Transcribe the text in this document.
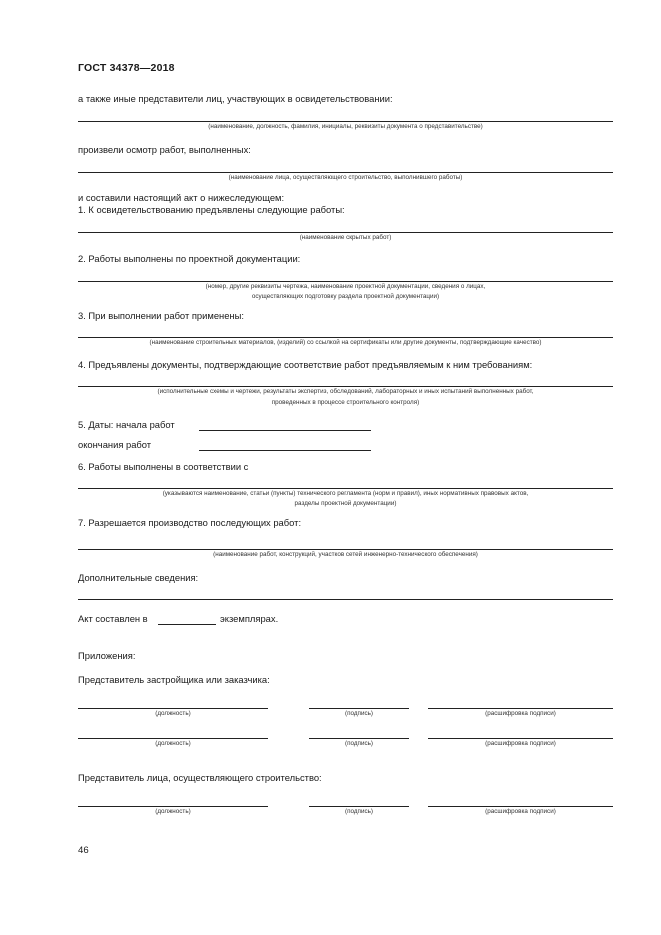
ГОСТ 34378—2018
а также иные представители лиц, участвующих в освидетельствовании:
(наименование, должность, фамилия, инициалы, реквизиты документа о представительстве)
произвели осмотр работ, выполненных:
(наименование лица, осуществляющего строительство, выполнившего работы)
и составили настоящий акт о нижеследующем:
1. К освидетельствованию предъявлены следующие работы:
(наименование скрытых работ)
2. Работы выполнены по проектной документации:
(номер, другие реквизиты чертежа, наименование проектной документации, сведения о лицах,
осуществляющих подготовку раздела проектной документации)
3. При выполнении работ применены:
(наименование строительных материалов, (изделий) со ссылкой на сертификаты или другие документы, подтверждающие качество)
4. Предъявлены документы, подтверждающие соответствие работ предъявляемым к ним требованиям:
(исполнительные схемы и чертежи, результаты экспертиз, обследований, лабораторных и иных испытаний выполненных работ,
проведенных в процессе строительного контроля)
5. Даты: начала работ
окончания работ
6. Работы выполнены в соответствии с
(указываются наименование, статьи (пункты) технического регламента (норм и правил), иных нормативных правовых актов,
разделы проектной документации)
7. Разрешается производство последующих работ:
(наименование работ, конструкций, участков сетей инженерно-технического обеспечения)
Дополнительные сведения:
Акт составлен в	экземплярах.
Приложения:
Представитель застройщика или заказчика:
(должность)	(подпись)	(расшифровка подписи)
(должность)	(подпись)	(расшифровка подписи)
Представитель лица, осуществляющего строительство:
(должность)	(подпись)	(расшифровка подписи)
46
